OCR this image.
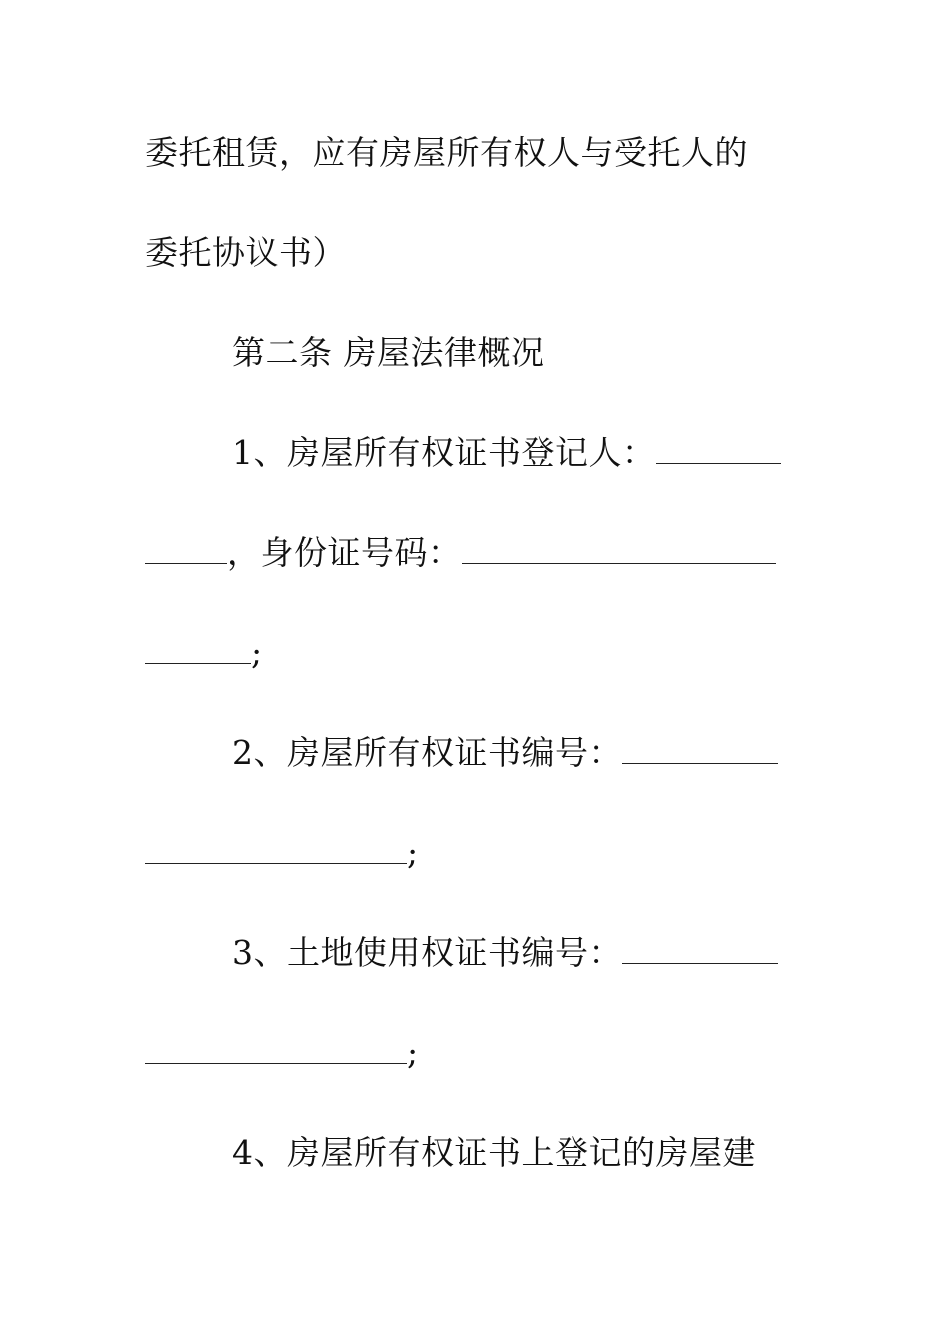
委托租赁，应有房屋所有权人与受托人的
委托协议书）
第二条 房屋法律概况
1、房屋所有权证书登记人：
，身份证号码：
;
2、房屋所有权证书编号：
;
3、土地使用权证书编号：
;
4、房屋所有权证书上登记的房屋建
